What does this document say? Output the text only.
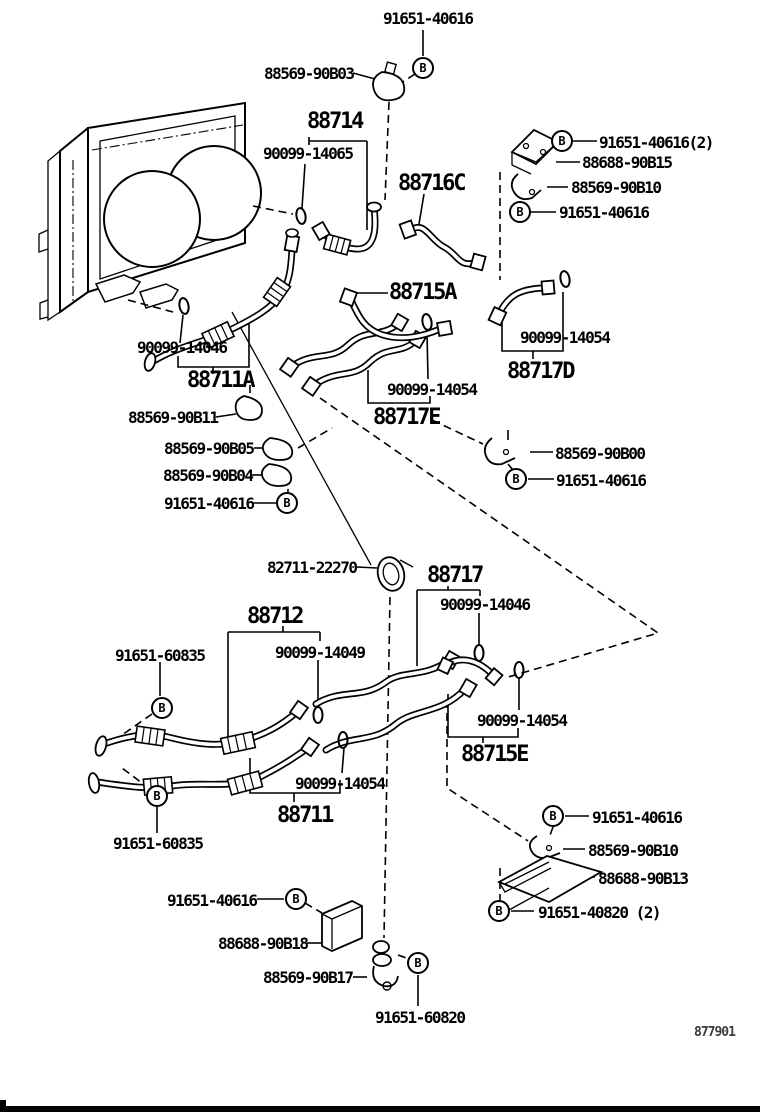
91651-40616
88569-90B03
88714
90099-14065
88716C
91651-40616(2)
88688-90B15
88569-90B10
91651-40616
88715A
90099-14054
88717D
90099-14046
88711A
88569-90B11
90099-14054
88717E
88569-90B05
88569-90B04
91651-40616
88569-90B00
91651-40616
82711-22270	88717
90099-14046
88712
90099-14049
91651-60835
90099-14054
88715E
90099-14054
88711
91651-60835
91651-40616
88569-90B10
88688-90B13
91651-40820 (2)
91651-40616
88688-90B18
88569-90B17
91651-60820
877901
B
B
B
B
B
B
B
B
B
B
B
